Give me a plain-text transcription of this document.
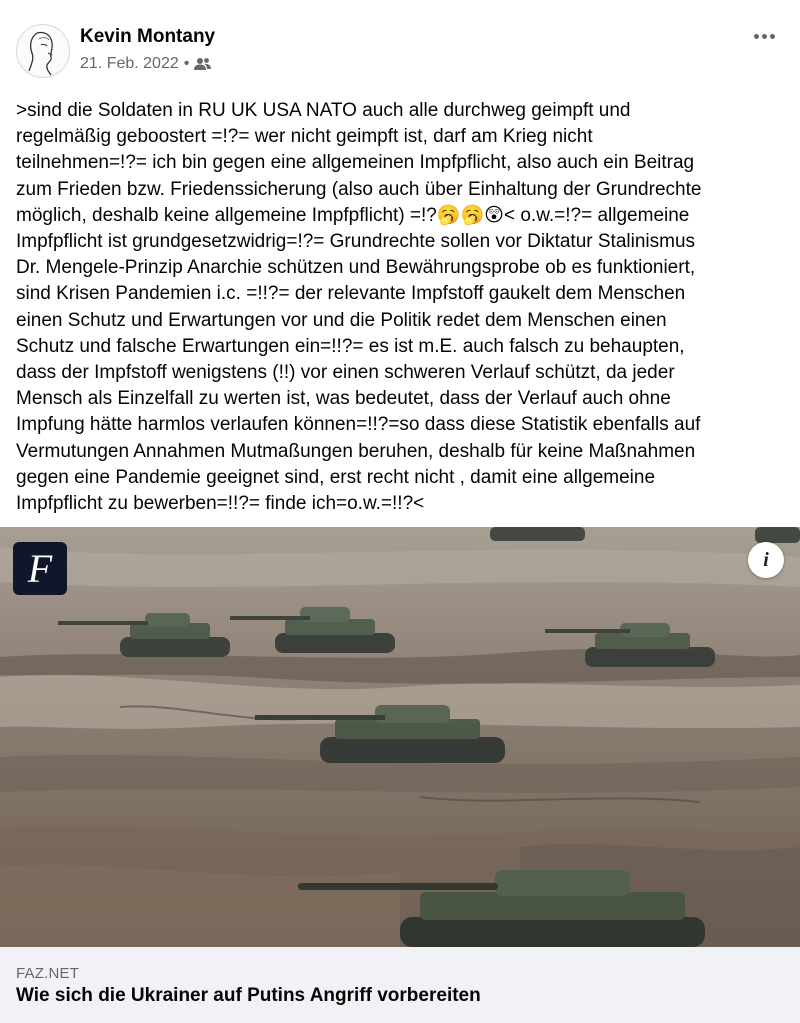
Kevin Montany
21. Feb. 2022 •
>sind die Soldaten in RU UK USA NATO auch alle durchweg geimpft und
regelmäßig geboostert =!?= wer nicht geimpft ist, darf am Krieg nicht
teilnehmen=!?= ich bin gegen eine allgemeinen Impfpflicht, also auch ein Beitrag
zum Frieden bzw. Friedenssicherung (also auch über Einhaltung der Grundrechte
möglich, deshalb keine allgemeine Impfpflicht) =!?🥱🥱😲< o.w.=!?= allgemeine
Impfpflicht ist grundgesetzwidrig=!?= Grundrechte sollen vor Diktatur Stalinismus
Dr. Mengele-Prinzip Anarchie schützen und Bewährungsprobe ob es funktioniert,
sind Krisen Pandemien i.c. =!!?= der relevante Impfstoff gaukelt dem Menschen
einen Schutz und Erwartungen vor und die Politik redet dem Menschen einen
Schutz und falsche Erwartungen ein=!!?= es ist m.E. auch falsch zu behaupten,
dass der Impfstoff wenigstens (!!) vor einen schweren Verlauf schützt, da jeder
Mensch als Einzelfall zu werten ist, was bedeutet, dass der Verlauf auch ohne
Impfung hätte harmlos verlaufen können=!!?=so dass diese Statistik ebenfalls auf
Vermutungen Annahmen Mutmaßungen beruhen, deshalb für keine Maßnahmen
gegen eine Pandemie geeignet sind, erst recht nicht , damit eine allgemeine
Impfpflicht zu bewerben=!!?= finde ich=o.w.=!!?<
F	i
FAZ.NET
Wie sich die Ukrainer auf Putins Angriff vorbereiten
